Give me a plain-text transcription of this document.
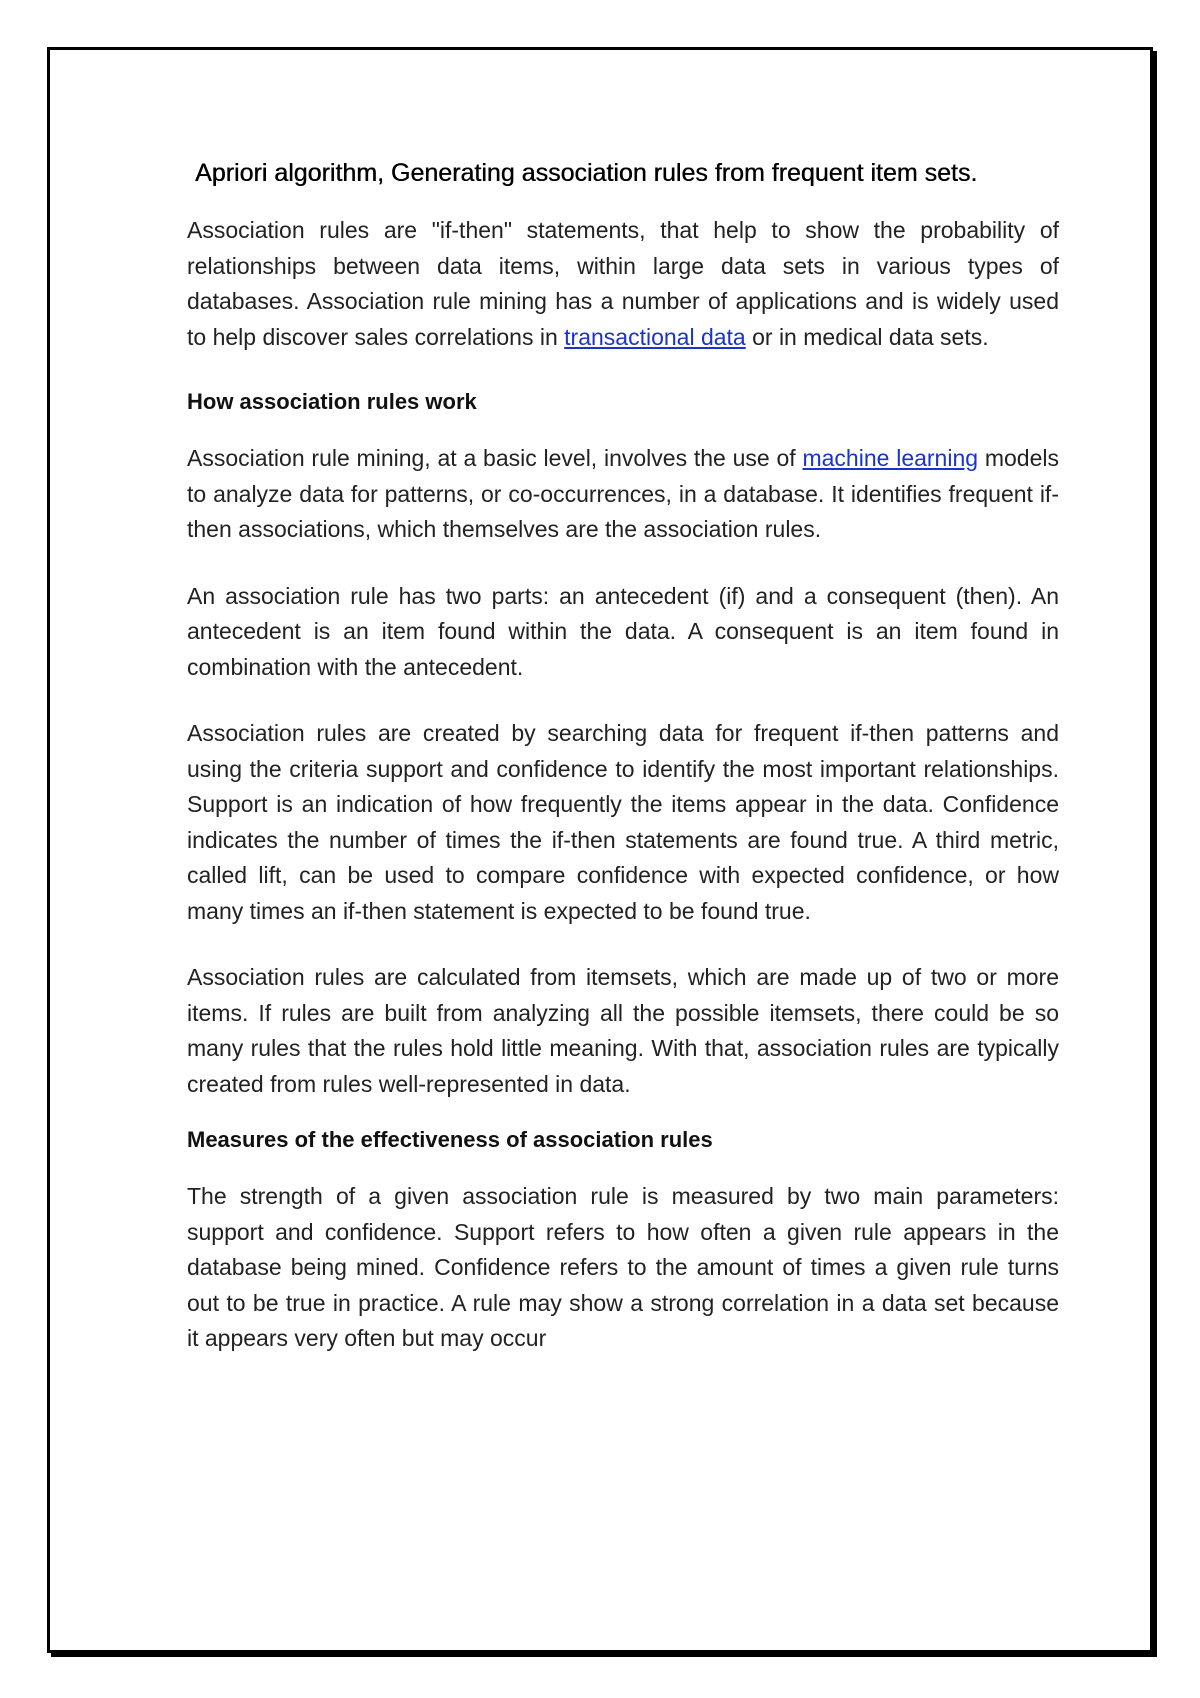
Apriori algorithm, Generating association rules from frequent item sets.

Association rules are "if-then" statements, that help to show the probability of relationships between data items, within large data sets in various types of databases. Association rule mining has a number of applications and is widely used to help discover sales correlations in transactional data or in medical data sets.

How association rules work

Association rule mining, at a basic level, involves the use of machine learning models to analyze data for patterns, or co-occurrences, in a database. It identifies frequent if-then associations, which themselves are the association rules.

An association rule has two parts: an antecedent (if) and a consequent (then). An antecedent is an item found within the data. A consequent is an item found in combination with the antecedent.

Association rules are created by searching data for frequent if-then patterns and using the criteria support and confidence to identify the most important relationships. Support is an indication of how frequently the items appear in the data. Confidence indicates the number of times the if-then statements are found true. A third metric, called lift, can be used to compare confidence with expected confidence, or how many times an if-then statement is expected to be found true.

Association rules are calculated from itemsets, which are made up of two or more items. If rules are built from analyzing all the possible itemsets, there could be so many rules that the rules hold little meaning. With that, association rules are typically created from rules well-represented in data.

Measures of the effectiveness of association rules

The strength of a given association rule is measured by two main parameters: support and confidence. Support refers to how often a given rule appears in the database being mined. Confidence refers to the amount of times a given rule turns out to be true in practice. A rule may show a strong correlation in a data set because it appears very often but may occur
